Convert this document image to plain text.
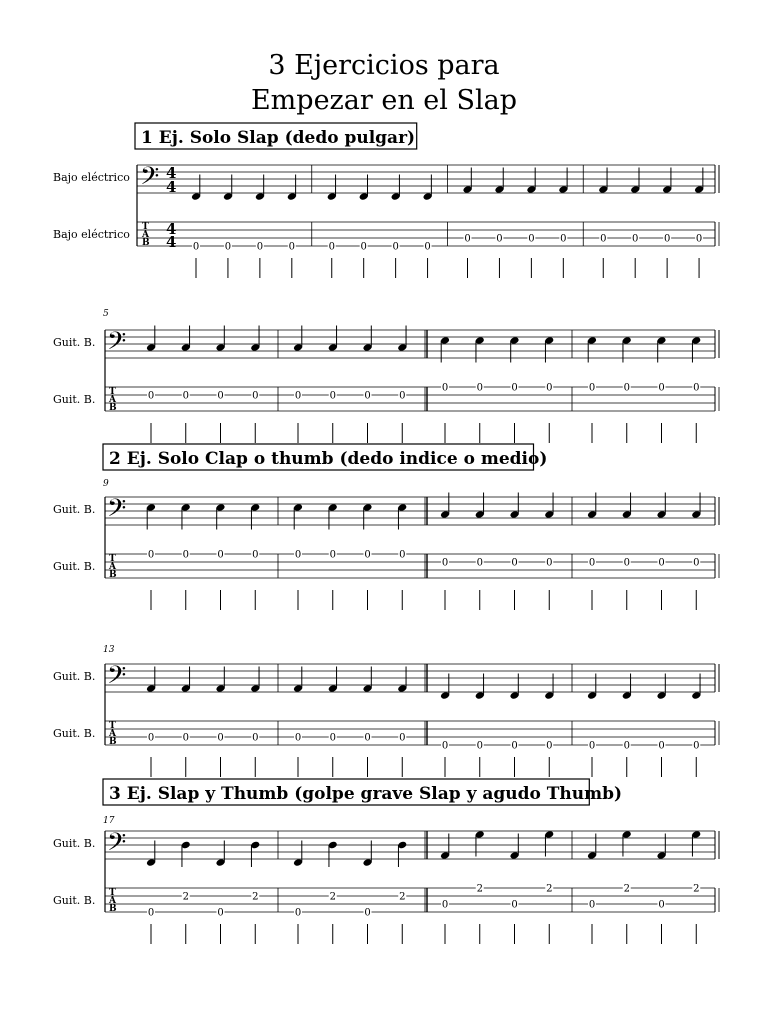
3 Ejercicios para
Empezar en el Slap
1 Ej. Solo Slap (dedo pulgar)
Bajo eléctrico
Bajo eléctrico
𝄢
T
A
B
4
4
4
4 0	0	0	0	0	0	0	0
0	0	0	0	0	0	0	0
5
Guit. B.
Guit. B.
𝄢
T
A
B
0	0	0	0	0	0	0	0
0	0	0	0	0	0	0	0
2 Ej. Solo Clap o thumb (dedo indice o medio)
9
Guit. B.
Guit. B.
𝄢
T
A
B
0	0	0	0	0	0	0	0
0	0	0	0	0	0	0	0
13
Guit. B.
Guit. B.
𝄢
T
A
B	0	0	0	0	0	0	0	0
0	0	0	0	0	0	0	0
3 Ej. Slap y Thumb (golpe grave Slap y agudo Thumb)
17
Guit. B.
Guit. B.
𝄢
T
A
B	0
2
0
2
0
2
0
2
0
2
0
2
0
2
0
2
